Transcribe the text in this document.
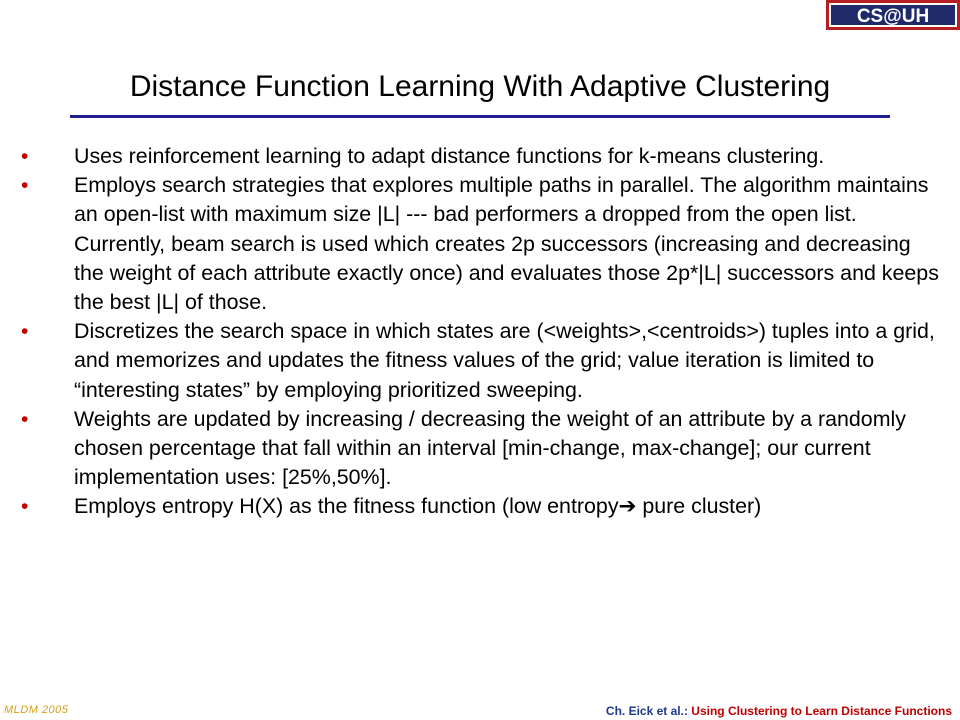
CS@UH
Distance Function Learning With Adaptive Clustering
• Uses reinforcement learning to adapt distance functions for k-means clustering.
• Employs search strategies that explores multiple paths in parallel. The algorithm maintains an open-list with maximum size |L| --- bad performers a dropped from the open list. Currently, beam search is used which creates 2p successors (increasing and decreasing the weight of each attribute exactly once) and evaluates those 2p*|L| successors and keeps the best |L| of those.
• Discretizes the search space in which states are (<weights>,<centroids>) tuples into a grid, and memorizes and updates the fitness values of the grid; value iteration is limited to “interesting states” by employing prioritized sweeping.
• Weights are updated by increasing / decreasing the weight of an attribute by a randomly chosen percentage that fall within an interval [min-change, max-change]; our current implementation uses: [25%,50%].
• Employs entropy H(X) as the fitness function (low entropy➔ pure cluster)
MLDM 2005	Ch. Eick et al.: Using Clustering to Learn Distance Functions
